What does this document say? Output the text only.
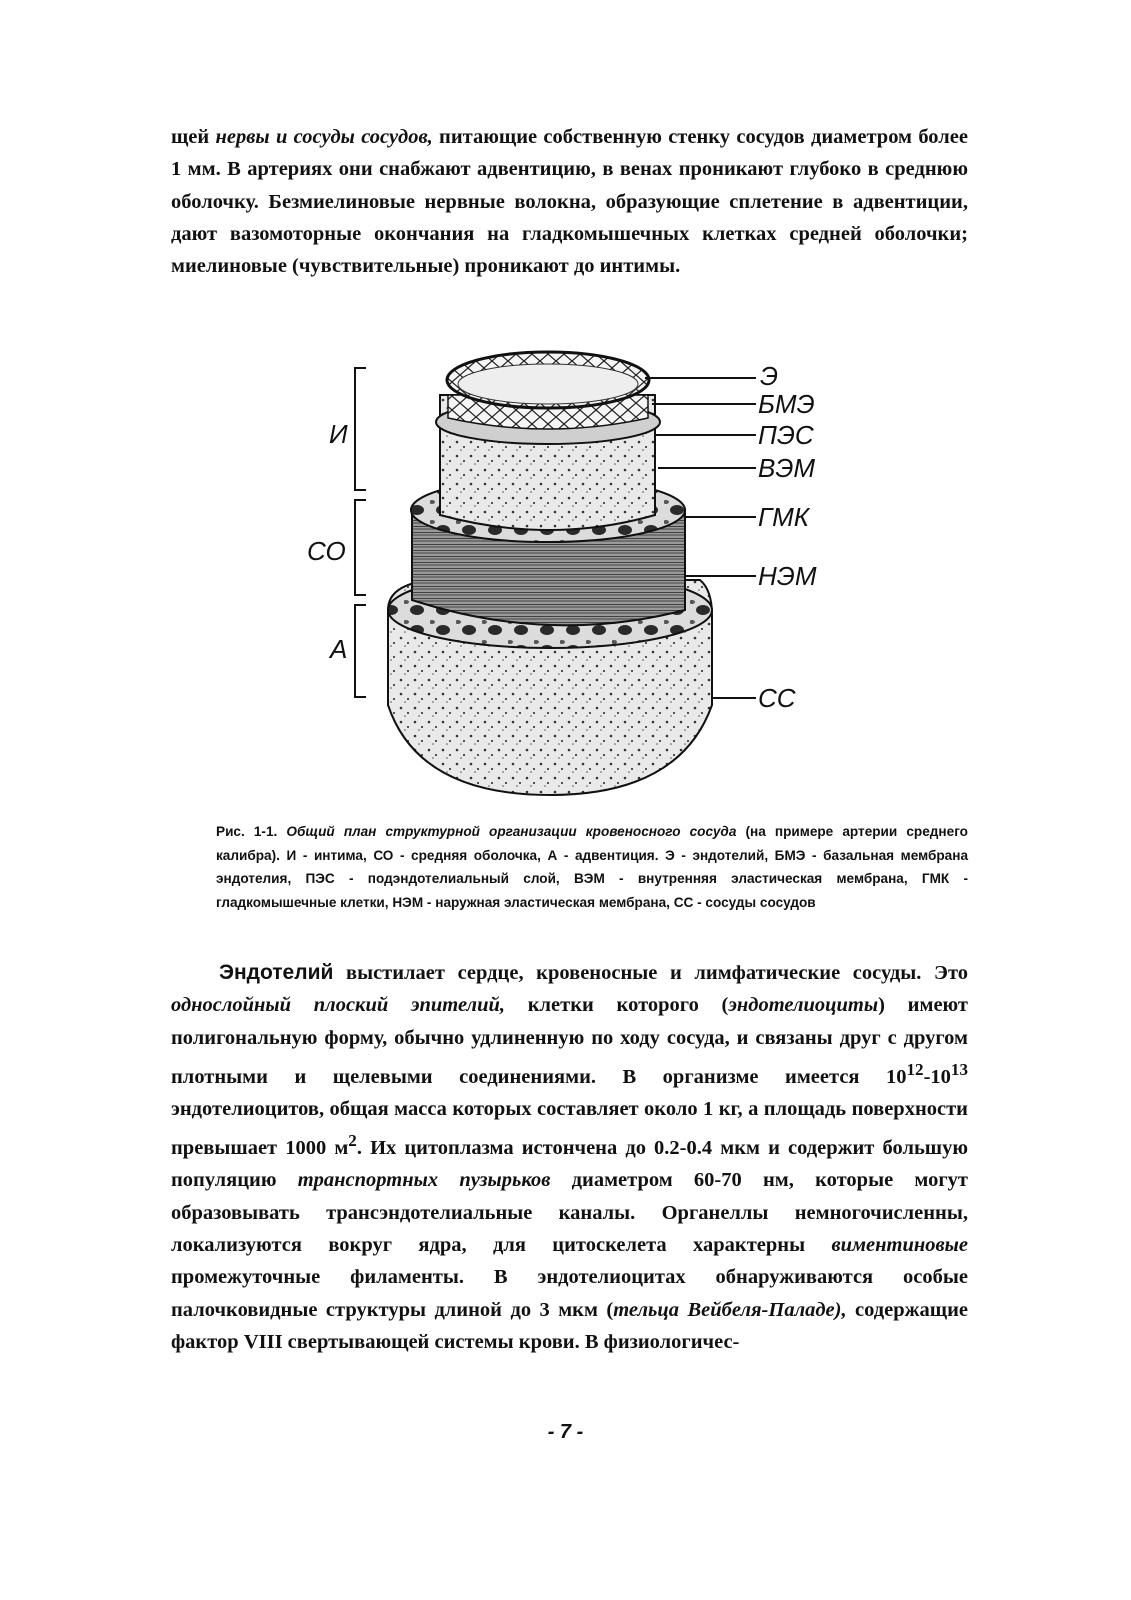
щей нервы и сосуды сосудов, питающие собственную стенку сосудов диаметром более 1 мм. В артериях они снабжают адвентицию, в венах проникают глубоко в среднюю оболочку. Безмиелиновые нервные волокна, образующие сплетение в адвентиции, дают вазомоторные окончания на гладкомышечных клетках средней оболочки; миелиновые (чувствительные) проникают до интимы.

И
СО
А
Э
БМЭ
ПЭС
ВЭМ
ГМК
НЭМ
СС

Рис. 1-1. Общий план структурной организации кровеносного сосуда (на примере артерии среднего калибра). И - интима, СО - средняя оболочка, А - адвентиция. Э - эндотелий, БМЭ - базальная мембрана эндотелия, ПЭС - подэндотелиальный слой, ВЭМ - внутренняя эластическая мембрана, ГМК - гладкомышечные клетки, НЭМ - наружная эластическая мембрана, СС - сосуды сосудов

Эндотелий выстилает сердце, кровеносные и лимфатические сосуды. Это однослойный плоский эпителий, клетки которого (эндотелиоциты) имеют полигональную форму, обычно удлиненную по ходу сосуда, и связаны друг с другом плотными и щелевыми соединениями. В организме имеется $10^{12}-10^{13}$ эндотелиоцитов, общая масса которых составляет около 1 кг, а площадь поверхности превышает 1000 $м^2$. Их цитоплазма истончена до 0.2-0.4 мкм и содержит большую популяцию транспортных пузырьков диаметром 60-70 нм, которые могут образовывать трансэндотелиальные каналы. Органеллы немногочисленны, локализуются вокруг ядра, для цитоскелета характерны виментиновые промежуточные филаменты. В эндотелиоцитах обнаруживаются особые палочковидные структуры длиной до 3 мкм (тельца Вейбеля-Паладе), содержащие фактор VIII свертывающей системы крови. В физиологичес-

- 7 -
